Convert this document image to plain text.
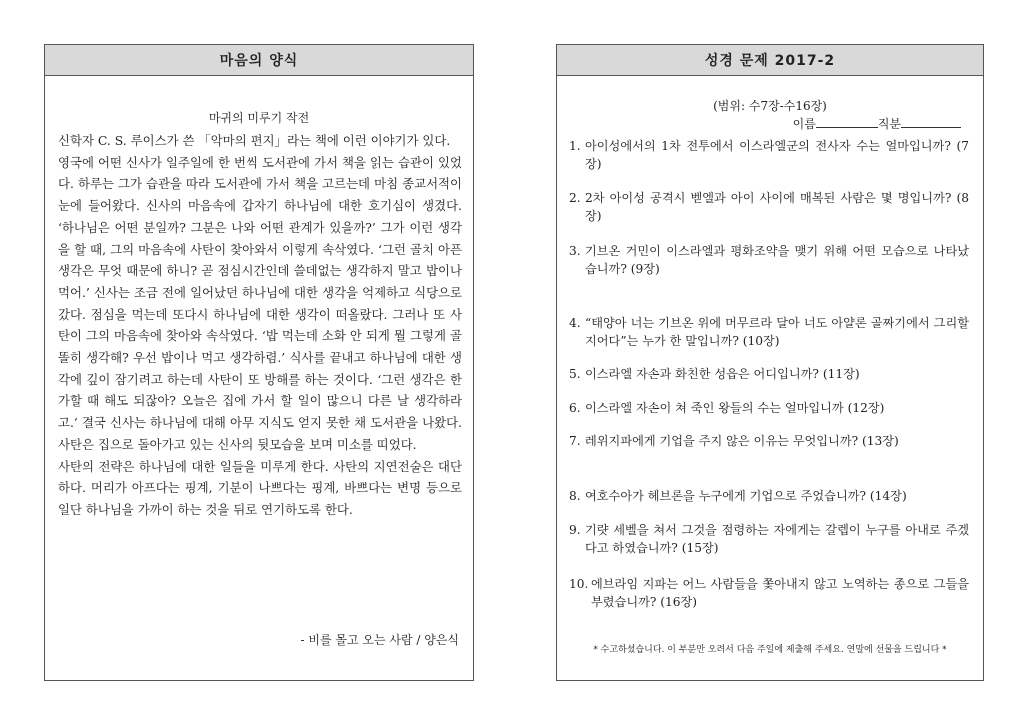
마음의 양식
마귀의 미루기 작전

신학자 C. S. 루이스가 쓴 「악마의 편지」라는 책에 이런 이야기가 있다.

영국에 어떤 신사가 일주일에 한 번씩 도서관에 가서 책을 읽는 습관이 있었다. 하루는 그가 습관을 따라 도서관에 가서 책을 고르는데 마침 종교서적이 눈에 들어왔다. 신사의 마음속에 갑자기 하나님에 대한 호기심이 생겼다. ‘하나님은 어떤 분일까? 그분은 나와 어떤 관계가 있을까?’ 그가 이런 생각을 할 때, 그의 마음속에 사탄이 찾아와서 이렇게 속삭였다. ‘그런 골치 아픈 생각은 무엇 때문에 하니? 곧 점심시간인데 쓸데없는 생각하지 말고 밥이나 먹어.’ 신사는 조금 전에 일어났던 하나님에 대한 생각을 억제하고 식당으로 갔다. 점심을 먹는데 또다시 하나님에 대한 생각이 떠올랐다. 그러나 또 사탄이 그의 마음속에 찾아와 속삭였다. ‘밥 먹는데 소화 안 되게 뭘 그렇게 골똘히 생각해? 우선 밥이나 먹고 생각하렴.’ 식사를 끝내고 하나님에 대한 생각에 깊이 잠기려고 하는데 사탄이 또 방해를 하는 것이다. ‘그런 생각은 한가할 때 해도 되잖아? 오늘은 집에 가서 할 일이 많으니 다른 날 생각하라고.’ 결국 신사는 하나님에 대해 아무 지식도 얻지 못한 채 도서관을 나왔다. 사탄은 집으로 돌아가고 있는 신사의 뒷모습을 보며 미소를 띠었다.

사탄의 전략은 하나님에 대한 일들을 미루게 한다. 사탄의 지연전술은 대단하다. 머리가 아프다는 핑계, 기분이 나쁘다는 핑계, 바쁘다는 변명 등으로 일단 하나님을 가까이 하는 것을 뒤로 연기하도록 한다.

- 비를 몰고 오는 사람 / 양은식
성경 문제 2017-2
(범위: 수7장-수16장)
이름	직분
1. 아이성에서의 1차 전투에서 이스라엘군의 전사자 수는 얼마입니까? (7장)
2. 2차 아이성 공격시 벧엘과 아이 사이에 매복된 사람은 몇 명입니까? (8장)
3. 기브온 거민이 이스라엘과 평화조약을 맺기 위해 어떤 모습으로 나타났습니까? (9장)
4. “태양아 너는 기브온 위에 머무르라 달아 너도 아얄론 골짜기에서 그리할지어다”는 누가 한 말입니까? (10장)
5. 이스라엘 자손과 화친한 성읍은 어디입니까? (11장)
6. 이스라엘 자손이 쳐 죽인 왕들의 수는 얼마입니까 (12장)
7. 레위지파에게 기업을 주지 않은 이유는 무엇입니까? (13장)
8. 여호수아가 헤브론을 누구에게 기업으로 주었습니까? (14장)
9. 기럇 세벨을 쳐서 그것을 점령하는 자에게는 갈렙이 누구를 아내로 주겠다고 하였습니까? (15장)
10. 에브라임 지파는 어느 사람들을 쫓아내지 않고 노역하는 종으로 그들을 부렸습니까? (16장)
* 수고하셨습니다. 이 부분만 오려서 다음 주일에 제출해 주세요. 연말에 선물을 드립니다 *
